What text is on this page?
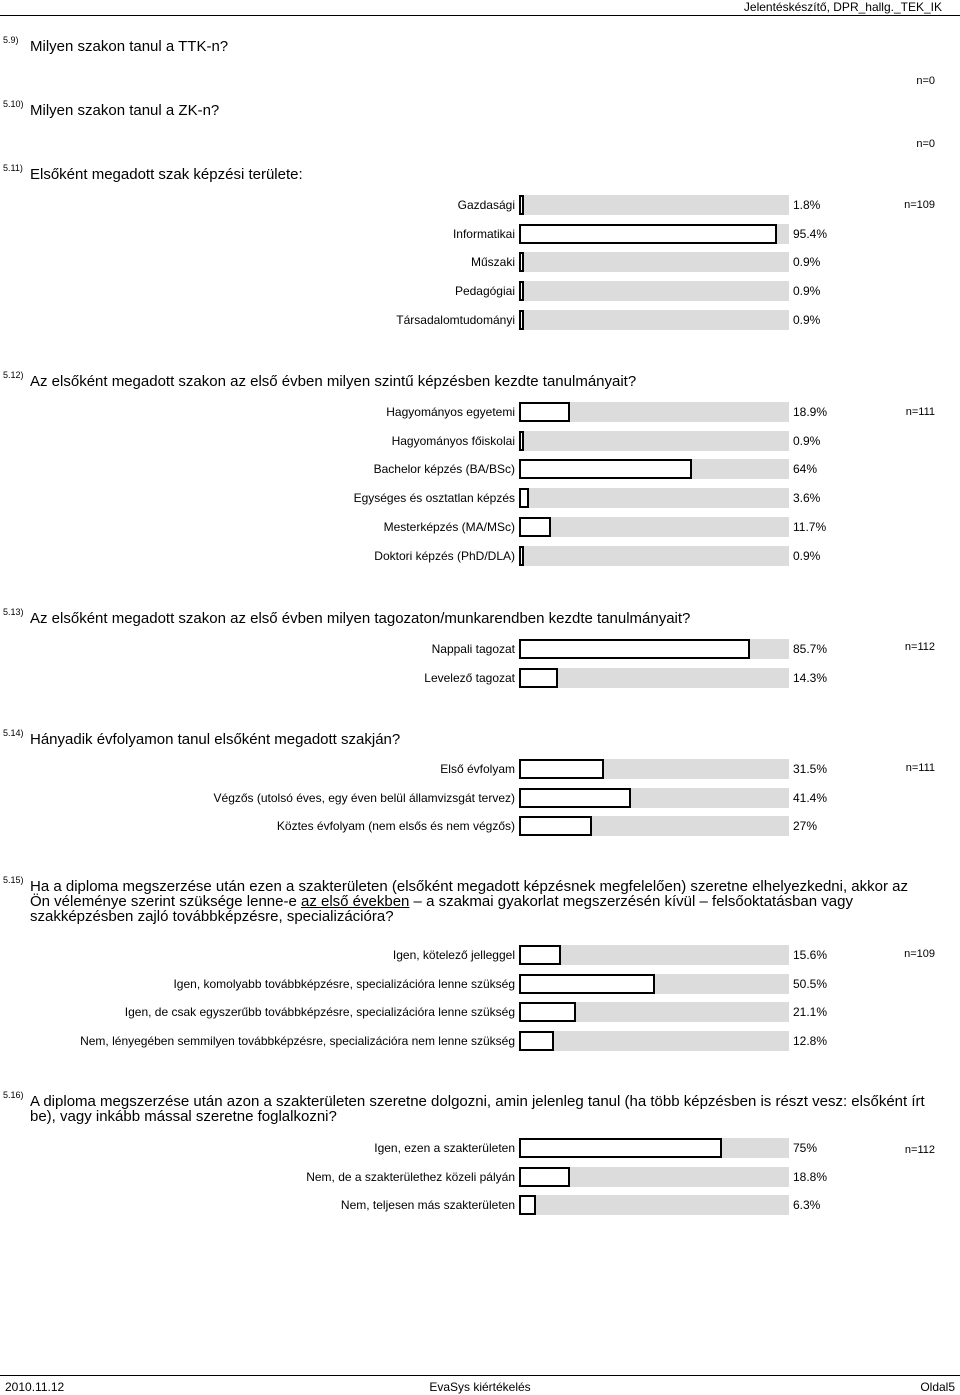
Jelentéskészítő, DPR_hallg._TEK_IK
5.9) Milyen szakon tanul a TTK-n?
n=0
5.10) Milyen szakon tanul a ZK-n?
n=0
5.11) Elsőként megadott szak képzési területe:
n=109
Gazdasági	1.8%
Informatikai	95.4%
Műszaki	0.9%
Pedagógiai	0.9%
Társadalomtudományi	0.9%
5.12) Az elsőként megadott szakon az első évben milyen szintű képzésben kezdte tanulmányait?
n=111
Hagyományos egyetemi	18.9%
Hagyományos főiskolai	0.9%
Bachelor képzés (BA/BSc)	64%
Egységes és osztatlan képzés	3.6%
Mesterképzés (MA/MSc)	11.7%
Doktori képzés (PhD/DLA)	0.9%
5.13) Az elsőként megadott szakon az első évben milyen tagozaton/munkarendben kezdte tanulmányait?
n=112
Nappali tagozat	85.7%
Levelező tagozat	14.3%
5.14) Hányadik évfolyamon tanul elsőként megadott szakján?
n=111
Első évfolyam	31.5%
Végzős (utolsó éves, egy éven belül államvizsgát tervez)	41.4%
Köztes évfolyam (nem elsős és nem végzős)	27%
5.15) Ha a diploma megszerzése után ezen a szakterületen (elsőként megadott képzésnek megfelelően) szeretne elhelyezkedni, akkor az Ön véleménye szerint szüksége lenne-e az első években – a szakmai gyakorlat megszerzésén kívül – felsőoktatásban vagy szakképzésben zajló továbbképzésre, specializációra?
n=109
Igen, kötelező jelleggel	15.6%
Igen, komolyabb továbbképzésre, specializációra lenne szükség	50.5%
Igen, de csak egyszerűbb továbbképzésre, specializációra lenne szükség	21.1%
Nem, lényegében semmilyen továbbképzésre, specializációra nem lenne szükség	12.8%
5.16) A diploma megszerzése után azon a szakterületen szeretne dolgozni, amin jelenleg tanul (ha több képzésben is részt vesz: elsőként írt be), vagy inkább mással szeretne foglalkozni?
n=112
Igen, ezen a szakterületen	75%
Nem, de a szakterülethez közeli pályán	18.8%
Nem, teljesen más szakterületen	6.3%
2010.11.12	EvaSys kiértékelés	Oldal5
